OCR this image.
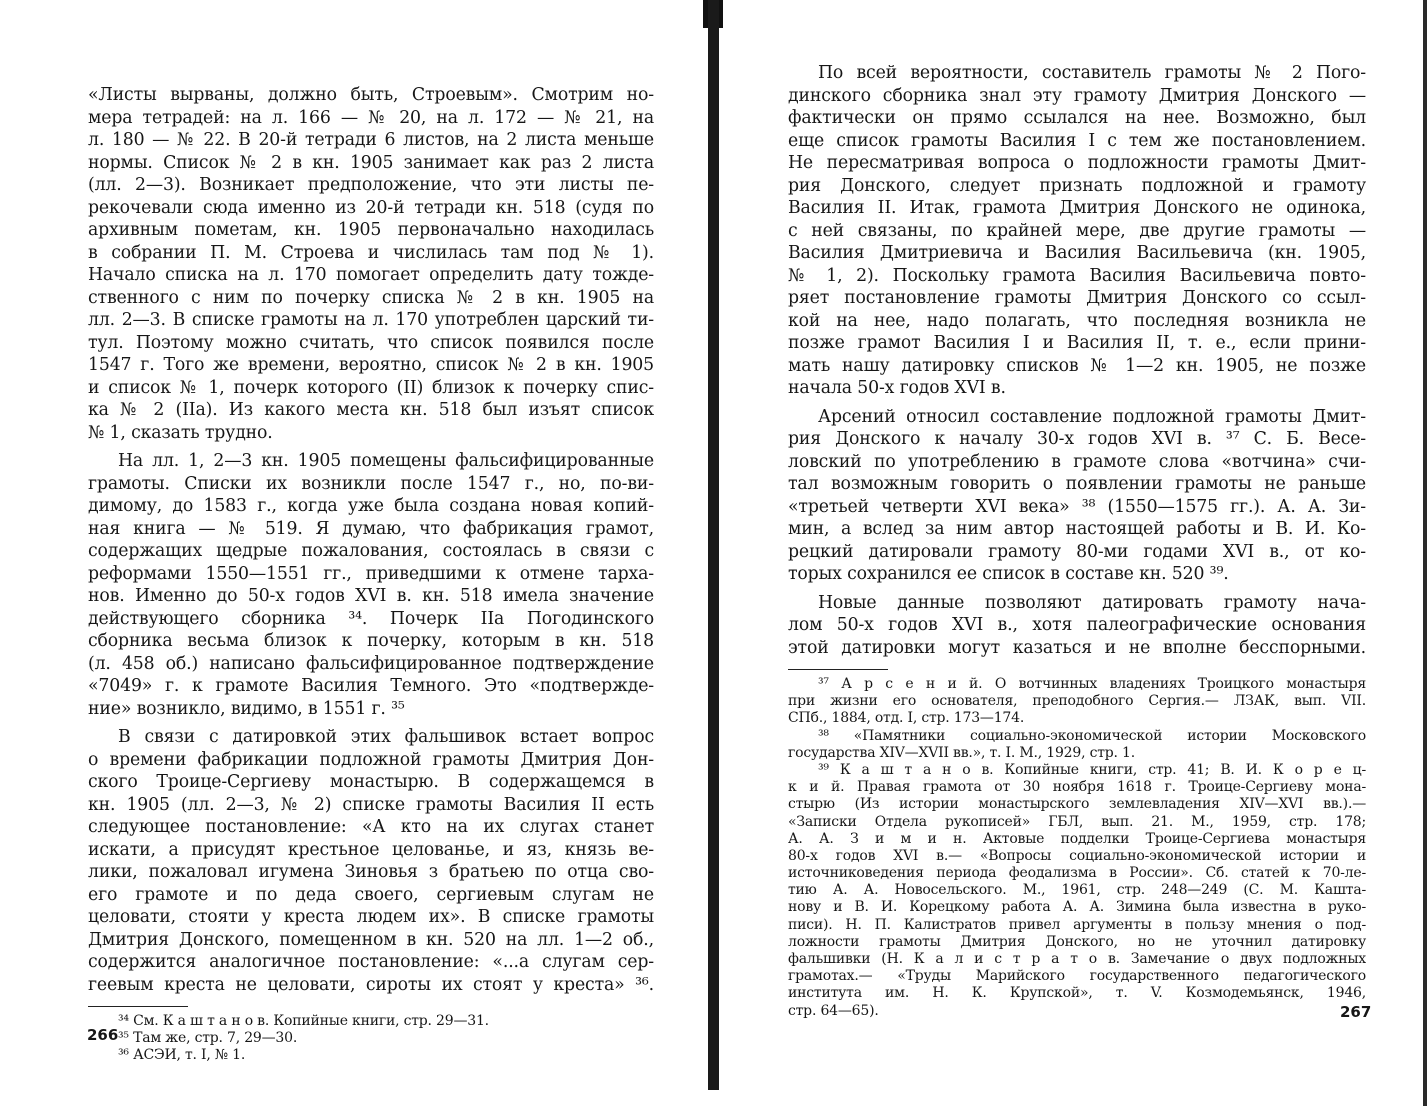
«Листы вырваны, должно быть, Строевым». Смотрим но-
мера тетрадей: на л. 166 — № 20, на л. 172 — № 21, на
л. 180 — № 22. В 20-й тетради 6 листов, на 2 листа меньше
нормы. Список № 2 в кн. 1905 занимает как раз 2 листа
(лл. 2—3). Возникает предположение, что эти листы пе-
рекочевали сюда именно из 20-й тетради кн. 518 (судя по
архивным пометам, кн. 1905 первоначально находилась
в собрании П. М. Строева и числилась там под № 1).
Начало списка на л. 170 помогает определить дату тожде-
ственного с ним по почерку списка № 2 в кн. 1905 на
лл. 2—3. В списке грамоты на л. 170 употреблен царский ти-
тул. Поэтому можно считать, что список появился после
1547 г. Того же времени, вероятно, список № 2 в кн. 1905
и список № 1, почерк которого (II) близок к почерку спис-
ка № 2 (IIа). Из какого места кн. 518 был изъят список
№ 1, сказать трудно.
На лл. 1, 2—3 кн. 1905 помещены фальсифицированные
грамоты. Списки их возникли после 1547 г., но, по-ви-
димому, до 1583 г., когда уже была создана новая копий-
ная книга — № 519. Я думаю, что фабрикация грамот,
содержащих щедрые пожалования, состоялась в связи с
реформами 1550—1551 гг., приведшими к отмене тарха-
нов. Именно до 50-х годов XVI в. кн. 518 имела значение
действующего сборника ³⁴. Почерк IIа Погодинского
сборника весьма близок к почерку, которым в кн. 518
(л. 458 об.) написано фальсифицированное подтверждение
«7049» г. к грамоте Василия Темного. Это «подтвержде-
ние» возникло, видимо, в 1551 г. ³⁵
В связи с датировкой этих фальшивок встает вопрос
о времени фабрикации подложной грамоты Дмитрия Дон-
ского Троице-Сергиеву монастырю. В содержащемся в
кн. 1905 (лл. 2—3, № 2) списке грамоты Василия II есть
следующее постановление: «А кто на их слугах станет
искати, а присудят крестьное целованье, и яз, князь ве-
лики, пожаловал игумена Зиновья з братьею по отца сво-
его грамоте и по деда своего, сергиевым слугам не
целовати, стояти у креста людем их». В списке грамоты
Дмитрия Донского, помещенном в кн. 520 на лл. 1—2 об.,
содержится аналогичное постановление: «...а слугам сер-
геевым креста не целовати, сироты их стоят у креста» ³⁶.
³⁴ См. К а ш т а н о в. Копийные книги, стр. 29—31.
³⁵ Там же, стр. 7, 29—30.
³⁶ АСЭИ, т. I, № 1.
266
По всей вероятности, составитель грамоты № 2 Пого-
динского сборника знал эту грамоту Дмитрия Донского —
фактически он прямо ссылался на нее. Возможно, был
еще список грамоты Василия I с тем же постановлением.
Не пересматривая вопроса о подложности грамоты Дмит-
рия Донского, следует признать подложной и грамоту
Василия II. Итак, грамота Дмитрия Донского не одинока,
с ней связаны, по крайней мере, две другие грамоты —
Василия Дмитриевича и Василия Васильевича (кн. 1905,
№ 1, 2). Поскольку грамота Василия Васильевича повто-
ряет постановление грамоты Дмитрия Донского со ссыл-
кой на нее, надо полагать, что последняя возникла не
позже грамот Василия I и Василия II, т. е., если прини-
мать нашу датировку списков № 1—2 кн. 1905, не позже
начала 50-х годов XVI в.
Арсений относил составление подложной грамоты Дмит-
рия Донского к началу 30-х годов XVI в. ³⁷ С. Б. Весе-
ловский по употреблению в грамоте слова «вотчина» счи-
тал возможным говорить о появлении грамоты не раньше
«третьей четверти XVI века» ³⁸ (1550—1575 гг.). А. А. Зи-
мин, а вслед за ним автор настоящей работы и В. И. Ко-
рецкий датировали грамоту 80-ми годами XVI в., от ко-
торых сохранился ее список в составе кн. 520 ³⁹.
Новые данные позволяют датировать грамоту нача-
лом 50-х годов XVI в., хотя палеографические основания
этой датировки могут казаться и не вполне бесспорными.
³⁷ А р с е н и й. О вотчинных владениях Троицкого монастыря
при жизни его основателя, преподобного Сергия.— ЛЗАК, вып. VII.
СПб., 1884, отд. I, стр. 173—174.
³⁸ «Памятники социально-экономической истории Московского
государства XIV—XVII вв.», т. I. М., 1929, стр. 1.
³⁹ К а ш т а н о в. Копийные книги, стр. 41; В. И. К о р е ц-
к и й. Правая грамота от 30 ноября 1618 г. Троице-Сергиеву мона-
стырю (Из истории монастырского землевладения XIV—XVI вв.).—
«Записки Отдела рукописей» ГБЛ, вып. 21. М., 1959, стр. 178;
А. А. З и м и н. Актовые подделки Троице-Сергиева монастыря
80-х годов XVI в.— «Вопросы социально-экономической истории и
источниковедения периода феодализма в России». Сб. статей к 70-ле-
тию А. А. Новосельского. М., 1961, стр. 248—249 (С. М. Кашта-
нову и В. И. Корецкому работа А. А. Зимина была известна в руко-
писи). Н. П. Калистратов привел аргументы в пользу мнения о под-
ложности грамоты Дмитрия Донского, но не уточнил датировку
фальшивки (Н. К а л и с т р а т о в. Замечание о двух подложных
грамотах.— «Труды Марийского государственного педагогического
института им. Н. К. Крупской», т. V. Козмодемьянск, 1946,
стр. 64—65).	267
